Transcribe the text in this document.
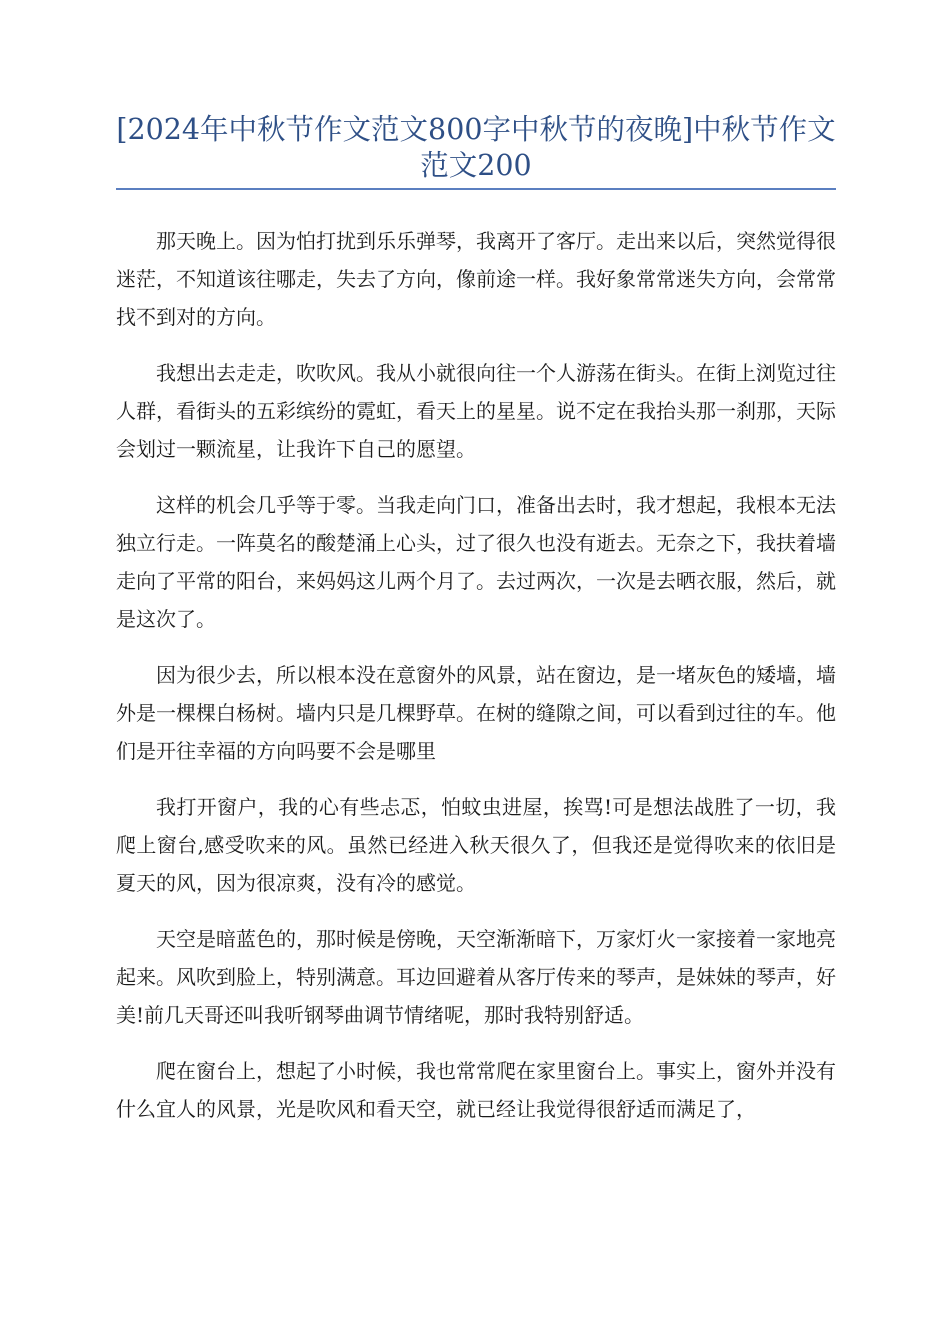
[2024年中秋节作文范文800字中秋节的夜晚]中秋节作文范文200

那天晚上。因为怕打扰到乐乐弹琴，我离开了客厅。走出来以后，突然觉得很迷茫，不知道该往哪走，失去了方向，像前途一样。我好象常常迷失方向，会常常找不到对的方向。

我想出去走走，吹吹风。我从小就很向往一个人游荡在街头。在街上浏览过往人群，看街头的五彩缤纷的霓虹，看天上的星星。说不定在我抬头那一刹那，天际会划过一颗流星，让我许下自己的愿望。

这样的机会几乎等于零。当我走向门口，准备出去时，我才想起，我根本无法独立行走。一阵莫名的酸楚涌上心头，过了很久也没有逝去。无奈之下，我扶着墙走向了平常的阳台，来妈妈这儿两个月了。去过两次，一次是去晒衣服，然后，就是这次了。

因为很少去，所以根本没在意窗外的风景，站在窗边，是一堵灰色的矮墙，墙外是一棵棵白杨树。墙内只是几棵野草。在树的缝隙之间，可以看到过往的车。他们是开往幸福的方向吗要不会是哪里

我打开窗户，我的心有些忐忑，怕蚊虫进屋，挨骂!可是想法战胜了一切，我爬上窗台,感受吹来的风。虽然已经进入秋天很久了，但我还是觉得吹来的依旧是夏天的风，因为很凉爽，没有冷的感觉。

天空是暗蓝色的，那时候是傍晚，天空渐渐暗下，万家灯火一家接着一家地亮起来。风吹到脸上，特别满意。耳边回避着从客厅传来的琴声，是妹妹的琴声，好美!前几天哥还叫我听钢琴曲调节情绪呢，那时我特别舒适。

爬在窗台上，想起了小时候，我也常常爬在家里窗台上。事实上，窗外并没有什么宜人的风景，光是吹风和看天空，就已经让我觉得很舒适而满足了，
